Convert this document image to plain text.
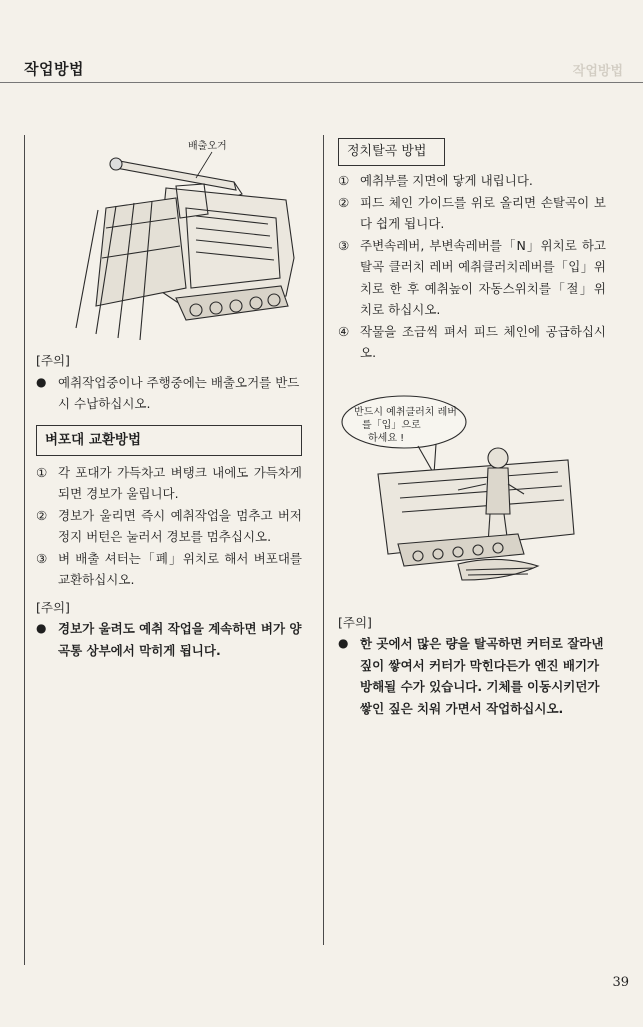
작업방법	작업방법
배출오거

[주의]

● 예취작업중이나 주행중에는 배출오거를 반드시 수납하십시오.
벼포대 교환방법
① 각 포대가 가득차고 벼탱크 내에도 가득차게 되면 경보가 울립니다.
② 경보가 울리면 즉시 예취작업을 멈추고 버저정지 버턴은 눌러서 경보를 멈추십시오.
③ 벼 배출 셔터는「폐」위치로 해서 벼포대를 교환하십시오.

[주의]

● 경보가 울려도 예취 작업을 계속하면 벼가 양곡통 상부에서 막히게 됩니다.
정치탈곡 방법
① 예취부를 지면에 닿게 내립니다.
② 피드 체인 가이드를 위로 올리면 손탈곡이 보다 쉽게 됩니다.
③ 주변속레버, 부변속레버를「N」위치로 하고 탈곡 클러치 레버 예취클러치레버를「입」위치로 한 후 예취높이 자동스위치를「절」위치로 하십시오.
④ 작물을 조금씩 펴서 피드 체인에 공급하십시오.
반드시 예취클러치 레버
를「입」으로
하세요 !

[주의]

● 한 곳에서 많은 량을 탈곡하면 커터로 잘라낸 짚이 쌓여서 커터가 막힌다든가 엔진 배기가 방해될 수가 있습니다. 기체를 이동시키던가 쌓인 짚은 치워 가면서 작업하십시오.
39
